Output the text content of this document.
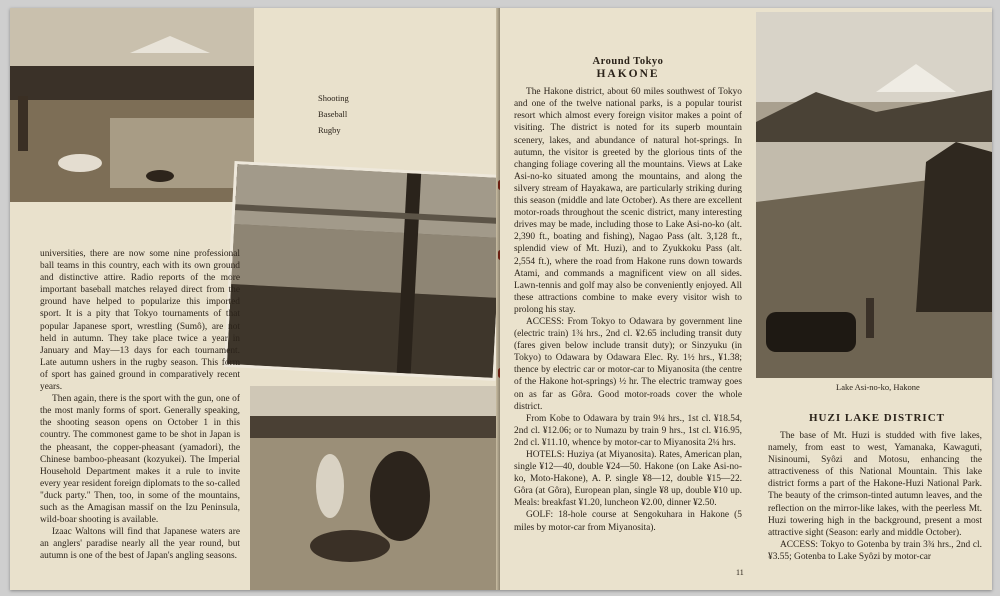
Shooting
Baseball
Rugby

universities, there are now some nine professional ball teams in this country, each with its own ground and distinctive attire. Radio reports of the more important baseball matches relayed direct from the ground have helped to popularize this imported sport. It is a pity that Tokyo tournaments of that popular Japanese sport, wrestling (Sumô), are not held in autumn. They take place twice a year in January and May—13 days for each tournament. Late autumn ushers in the rugby season. This form of sport has gained ground in comparatively recent years.

Then again, there is the sport with the gun, one of the most manly forms of sport. Generally speaking, the shooting season opens on October 1 in this country. The commonest game to be shot in Japan is the pheasant, the copper-pheasant (yamadori), the Chinese bamboo-pheasant (kozyukei). The Imperial Household Department makes it a rule to invite every year resident foreign diplomats to the so-called "duck party." Then, too, in some of the mountains, such as the Amagisan massif on the Izu Peninsula, wild-boar shooting is available.

Izaac Waltons will find that Japanese waters are an anglers' paradise nearly all the year round, but autumn is one of the best of Japan's angling seasons.

Around Tokyo
HAKONE

The Hakone district, about 60 miles southwest of Tokyo and one of the twelve national parks, is a popular tourist resort which almost every foreign visitor makes a point of visiting. The district is noted for its superb mountain scenery, lakes, and abundance of natural hot-springs. In autumn, the visitor is greeted by the glorious tints of the changing foliage covering all the mountains. Views at Lake Asi-no-ko situated among the mountains, and along the silvery stream of Hayakawa, are particularly striking during this season (middle and late October). As there are excellent motor-roads throughout the scenic district, many interesting drives may be made, including those to Lake Asi-no-ko (alt. 2,390 ft., boating and fishing), Nagao Pass (alt. 3,128 ft., splendid view of Mt. Huzi), and to Zyukkoku Pass (alt. 2,554 ft.), where the road from Hakone runs down towards Atami, and commands a magnificent view on all sides. Lawn-tennis and golf may also be conveniently enjoyed. All these attractions combine to make every visitor wish to prolong his stay.

ACCESS: From Tokyo to Odawara by government line (electric train) 1¾ hrs., 2nd cl. ¥2.65 including transit duty (fares given below include transit duty); or Sinzyuku (in Tokyo) to Odawara by Odawara Elec. Ry. 1½ hrs., ¥1.38; thence by electric car or motor-car to Miyanosita (the centre of the Hakone hot-springs) ½ hr. The electric tramway goes on as far as Gôra. Good motor-roads cover the whole district.

From Kobe to Odawara by train 9¼ hrs., 1st cl. ¥18.54, 2nd cl. ¥12.06; or to Numazu by train 9 hrs., 1st cl. ¥16.95, 2nd cl. ¥11.10, whence by motor-car to Miyanosita 2¼ hrs.

HOTELS: Huziya (at Miyanosita). Rates, American plan, single ¥12—40, double ¥24—50. Hakone (on Lake Asi-no-ko, Moto-Hakone), A. P. single ¥8—12, double ¥15—22. Gôra (at Gôra), European plan, single ¥8 up, double ¥10 up. Meals: breakfast ¥1.20, luncheon ¥2.00, dinner ¥2.50.

GOLF: 18-hole course at Sengokuhara in Hakone (5 miles by motor-car from Miyanosita).

Lake Asi-no-ko, Hakone
HUZI LAKE DISTRICT

The base of Mt. Huzi is studded with five lakes, namely, from east to west, Yamanaka, Kawaguti, Nisinoumi, Syôzi and Motosu, enhancing the attractiveness of this National Mountain. This lake district forms a part of the Hakone-Huzi National Park. The beauty of the crimson-tinted autumn leaves, and the reflection on the mirror-like lakes, with the peerless Mt. Huzi towering high in the background, present a most attractive sight (Season: early and middle October).

ACCESS: Tokyo to Gotenba by train 3¾ hrs., 2nd cl. ¥3.55; Gotenba to Lake Syôzi by motor-car

11
